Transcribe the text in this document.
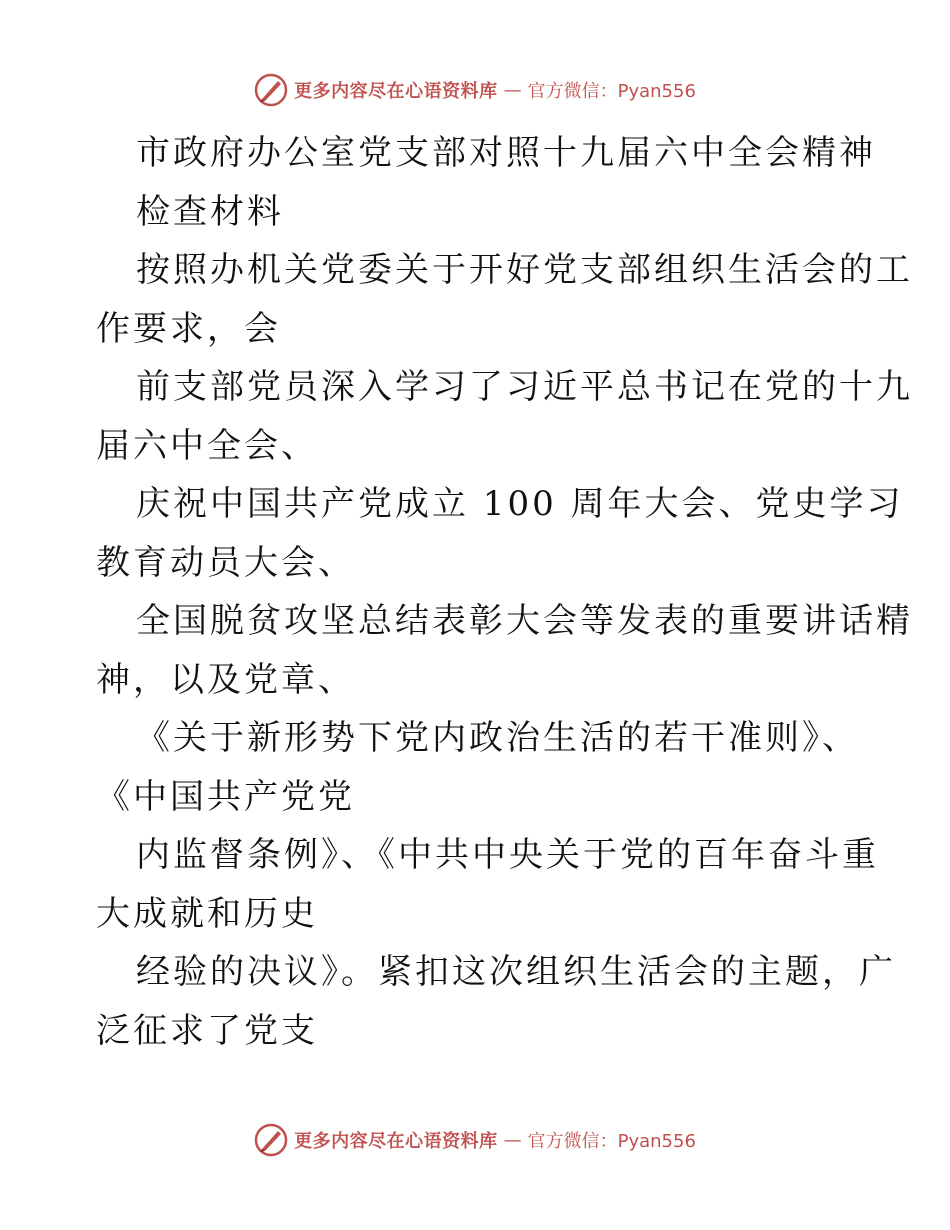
更多内容尽在心语资料库 — 官方微信：Pyan556
市政府办公室党支部对照十九届六中全会精神
检查材料
按照办机关党委关于开好党支部组织生活会的工
作要求，会
前支部党员深入学习了习近平总书记在党的十九
届六中全会、
庆祝中国共产党成立 100 周年大会、党史学习
教育动员大会、
全国脱贫攻坚总结表彰大会等发表的重要讲话精
神，以及党章、
《关于新形势下党内政治生活的若干准则》、
《中国共产党党
内监督条例》、《中共中央关于党的百年奋斗重
大成就和历史
经验的决议》。紧扣这次组织生活会的主题，广
泛征求了党支
更多内容尽在心语资料库 — 官方微信：Pyan556
